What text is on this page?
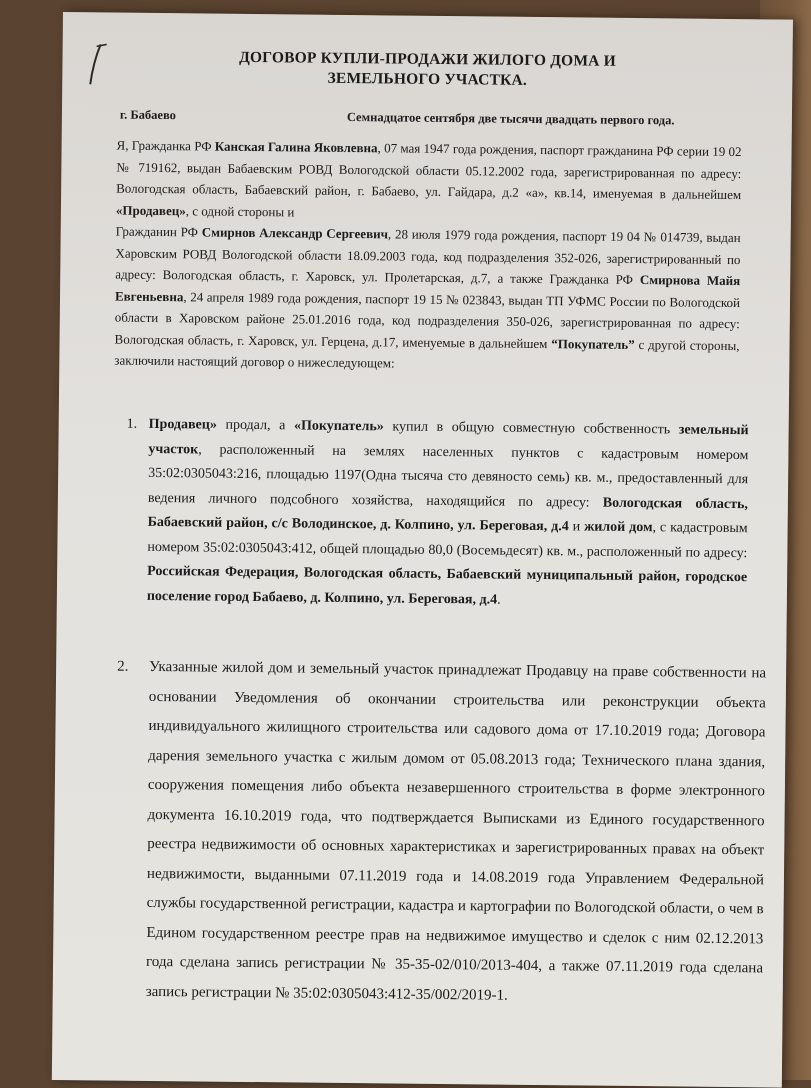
ДОГОВОР КУПЛИ-ПРОДАЖИ ЖИЛОГО ДОМА И
ЗЕМЕЛЬНОГО УЧАСТКА.
г. Бабаево	Семнадцатое сентября две тысячи двадцать первого года.

Я, Гражданка РФ Канская Галина Яковлевна, 07 мая 1947 года рождения, паспорт гражданина РФ серии 19 02 № 719162, выдан Бабаевским РОВД Вологодской области 05.12.2002 года, зарегистрированная по адресу: Вологодская область, Бабаевский район, г. Бабаево, ул. Гайдара, д.2 «а», кв.14, именуемая в дальнейшем «Продавец», с одной стороны и

Гражданин РФ Смирнов Александр Сергеевич, 28 июля 1979 года рождения, паспорт 19 04 № 014739, выдан Харовским РОВД Вологодской области 18.09.2003 года, код подразделения 352-026, зарегистрированный по адресу: Вологодская область, г. Харовск, ул. Пролетарская, д.7, а также Гражданка РФ Смирнова Майя Евгеньевна, 24 апреля 1989 года рождения, паспорт 19 15 № 023843, выдан ТП УФМС России по Вологодской области в Харовском районе 25.01.2016 года, код подразделения 350-026, зарегистрированная по адресу: Вологодская область, г. Харовск, ул. Герцена, д.17, именуемые в дальнейшем “Покупатель” с другой стороны, заключили настоящий договор о нижеследующем:

1. Продавец» продал, а «Покупатель» купил в общую совместную собственность земельный участок, расположенный на землях населенных пунктов с кадастровым номером 35:02:0305043:216, площадью 1197(Одна тысяча сто девяносто семь) кв. м., предоставленный для ведения личного подсобного хозяйства, находящийся по адресу: Вологодская область, Бабаевский район, с/с Володинское, д. Колпино, ул. Береговая, д.4 и жилой дом, с кадастровым номером 35:02:0305043:412, общей площадью 80,0 (Восемьдесят) кв. м., расположенный по адресу: Российская Федерация, Вологодская область, Бабаевский муниципальный район, городское поселение город Бабаево, д. Колпино, ул. Береговая, д.4.
2. Указанные жилой дом и земельный участок принадлежат Продавцу на праве собственности на основании Уведомления об окончании строительства или реконструкции объекта индивидуального жилищного строительства или садового дома от 17.10.2019 года; Договора дарения земельного участка с жилым домом от 05.08.2013 года; Технического плана здания, сооружения помещения либо объекта незавершенного строительства в форме электронного документа 16.10.2019 года, что подтверждается Выписками из Единого государственного реестра недвижимости об основных характеристиках и зарегистрированных правах на объект недвижимости, выданными 07.11.2019 года и 14.08.2019 года Управлением Федеральной службы государственной регистрации, кадастра и картографии по Вологодской области, о чем в Едином государственном реестре прав на недвижимое имущество и сделок с ним 02.12.2013 года сделана запись регистрации № 35-35-02/010/2013-404, а также 07.11.2019 года сделана запись регистрации № 35:02:0305043:412-35/002/2019-1.
